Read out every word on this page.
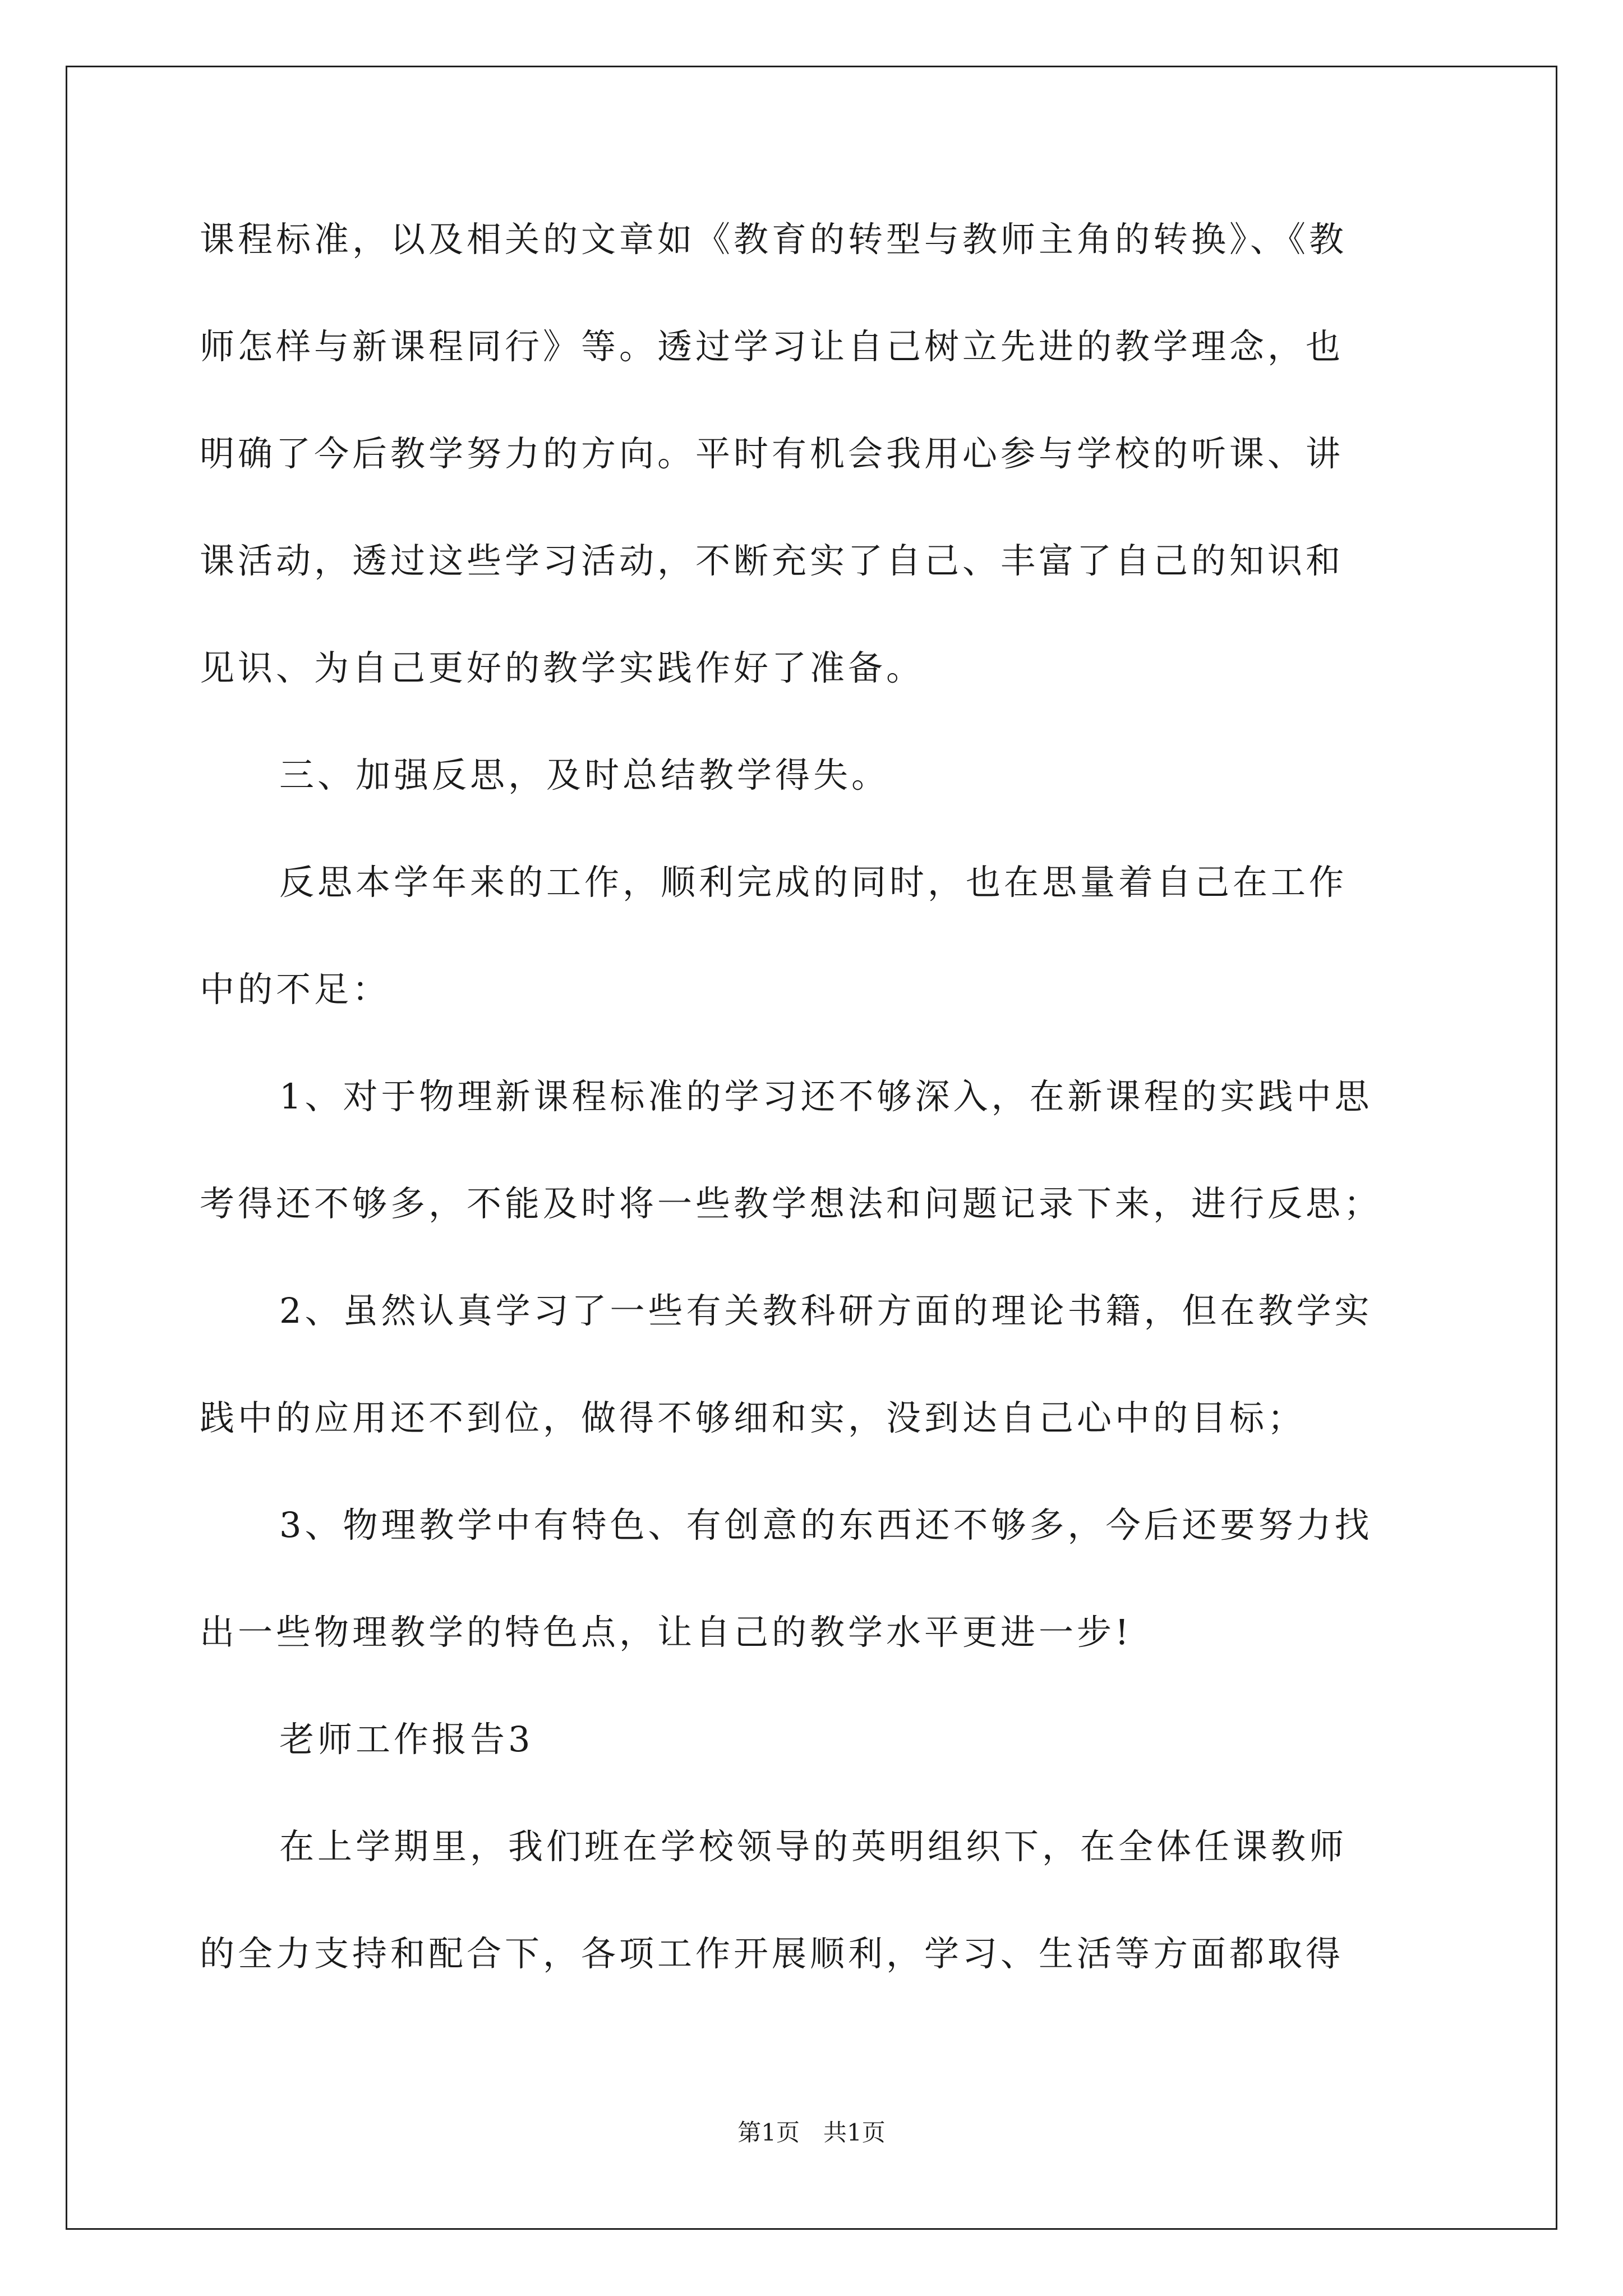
课程标准，以及相关的文章如《教育的转型与教师主角的转换》、《教
师怎样与新课程同行》等。透过学习让自己树立先进的教学理念，也
明确了今后教学努力的方向。平时有机会我用心参与学校的听课、讲
课活动，透过这些学习活动，不断充实了自己、丰富了自己的知识和
见识、为自己更好的教学实践作好了准备。
三、加强反思，及时总结教学得失。
反思本学年来的工作，顺利完成的同时，也在思量着自己在工作
中的不足：
1、对于物理新课程标准的学习还不够深入，在新课程的实践中思
考得还不够多，不能及时将一些教学想法和问题记录下来，进行反思；
2、虽然认真学习了一些有关教科研方面的理论书籍，但在教学实
践中的应用还不到位，做得不够细和实，没到达自己心中的目标；
3、物理教学中有特色、有创意的东西还不够多，今后还要努力找
出一些物理教学的特色点，让自己的教学水平更进一步!
老师工作报告3
在上学期里，我们班在学校领导的英明组织下，在全体任课教师
的全力支持和配合下，各项工作开展顺利，学习、生活等方面都取得
第1页　共1页
